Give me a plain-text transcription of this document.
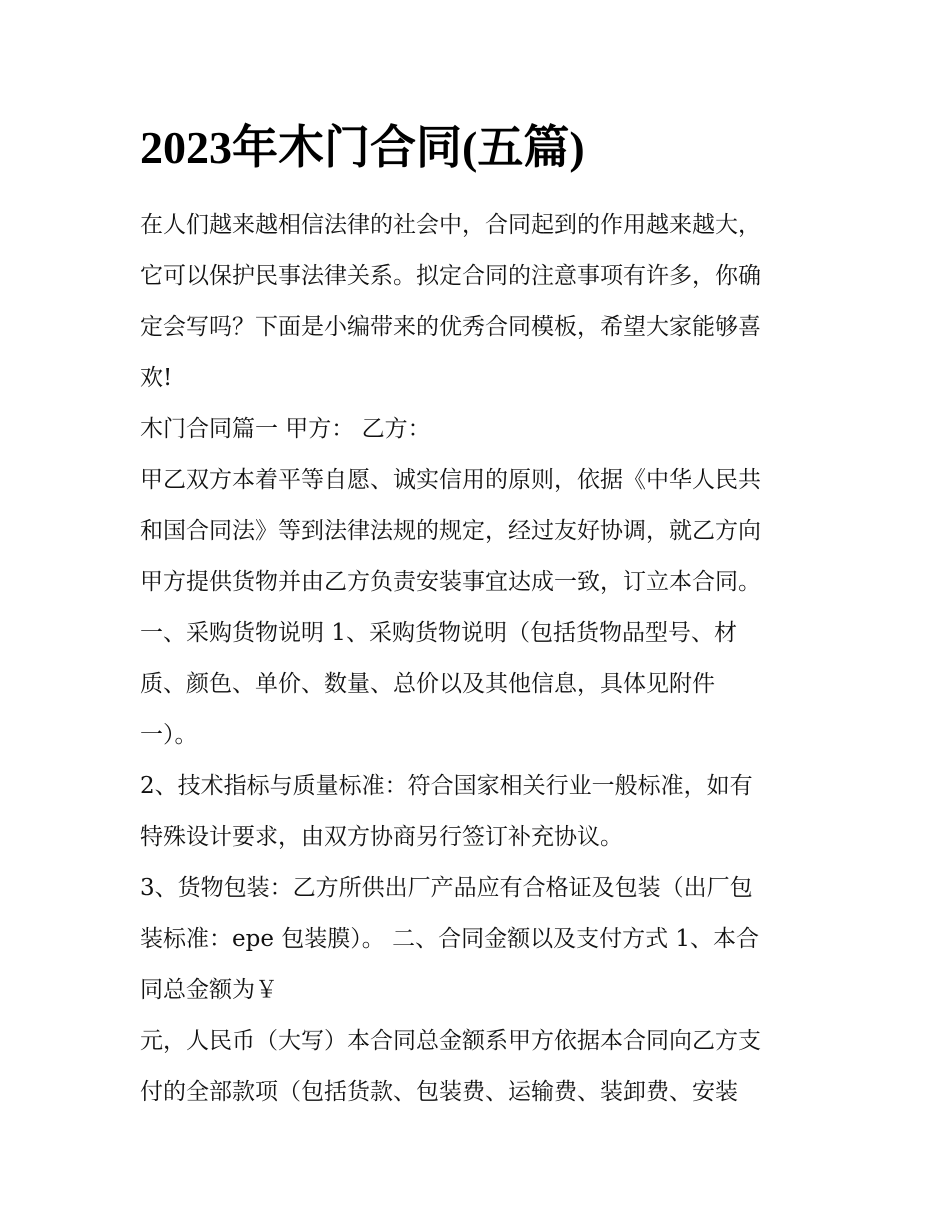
2023年木门合同(五篇)

在人们越来越相信法律的社会中，合同起到的作用越来越大，

它可以保护民事法律关系。拟定合同的注意事项有许多，你确

定会写吗？下面是小编带来的优秀合同模板，希望大家能够喜

欢!

木门合同篇一 甲方： 乙方：

甲乙双方本着平等自愿、诚实信用的原则，依据《中华人民共

和国合同法》等到法律法规的规定，经过友好协调，就乙方向

甲方提供货物并由乙方负责安装事宜达成一致，订立本合同。

一、采购货物说明 1、采购货物说明（包括货物品型号、材

质、颜色、单价、数量、总价以及其他信息，具体见附件

一）。

2、技术指标与质量标准：符合国家相关行业一般标准，如有

特殊设计要求，由双方协商另行签订补充协议。

3、货物包装：乙方所供出厂产品应有合格证及包装（出厂包

装标准：epe 包装膜）。 二、合同金额以及支付方式 1、本合

同总金额为￥

元，人民币（大写）本合同总金额系甲方依据本合同向乙方支

付的全部款项（包括货款、包装费、运输费、装卸费、安装
